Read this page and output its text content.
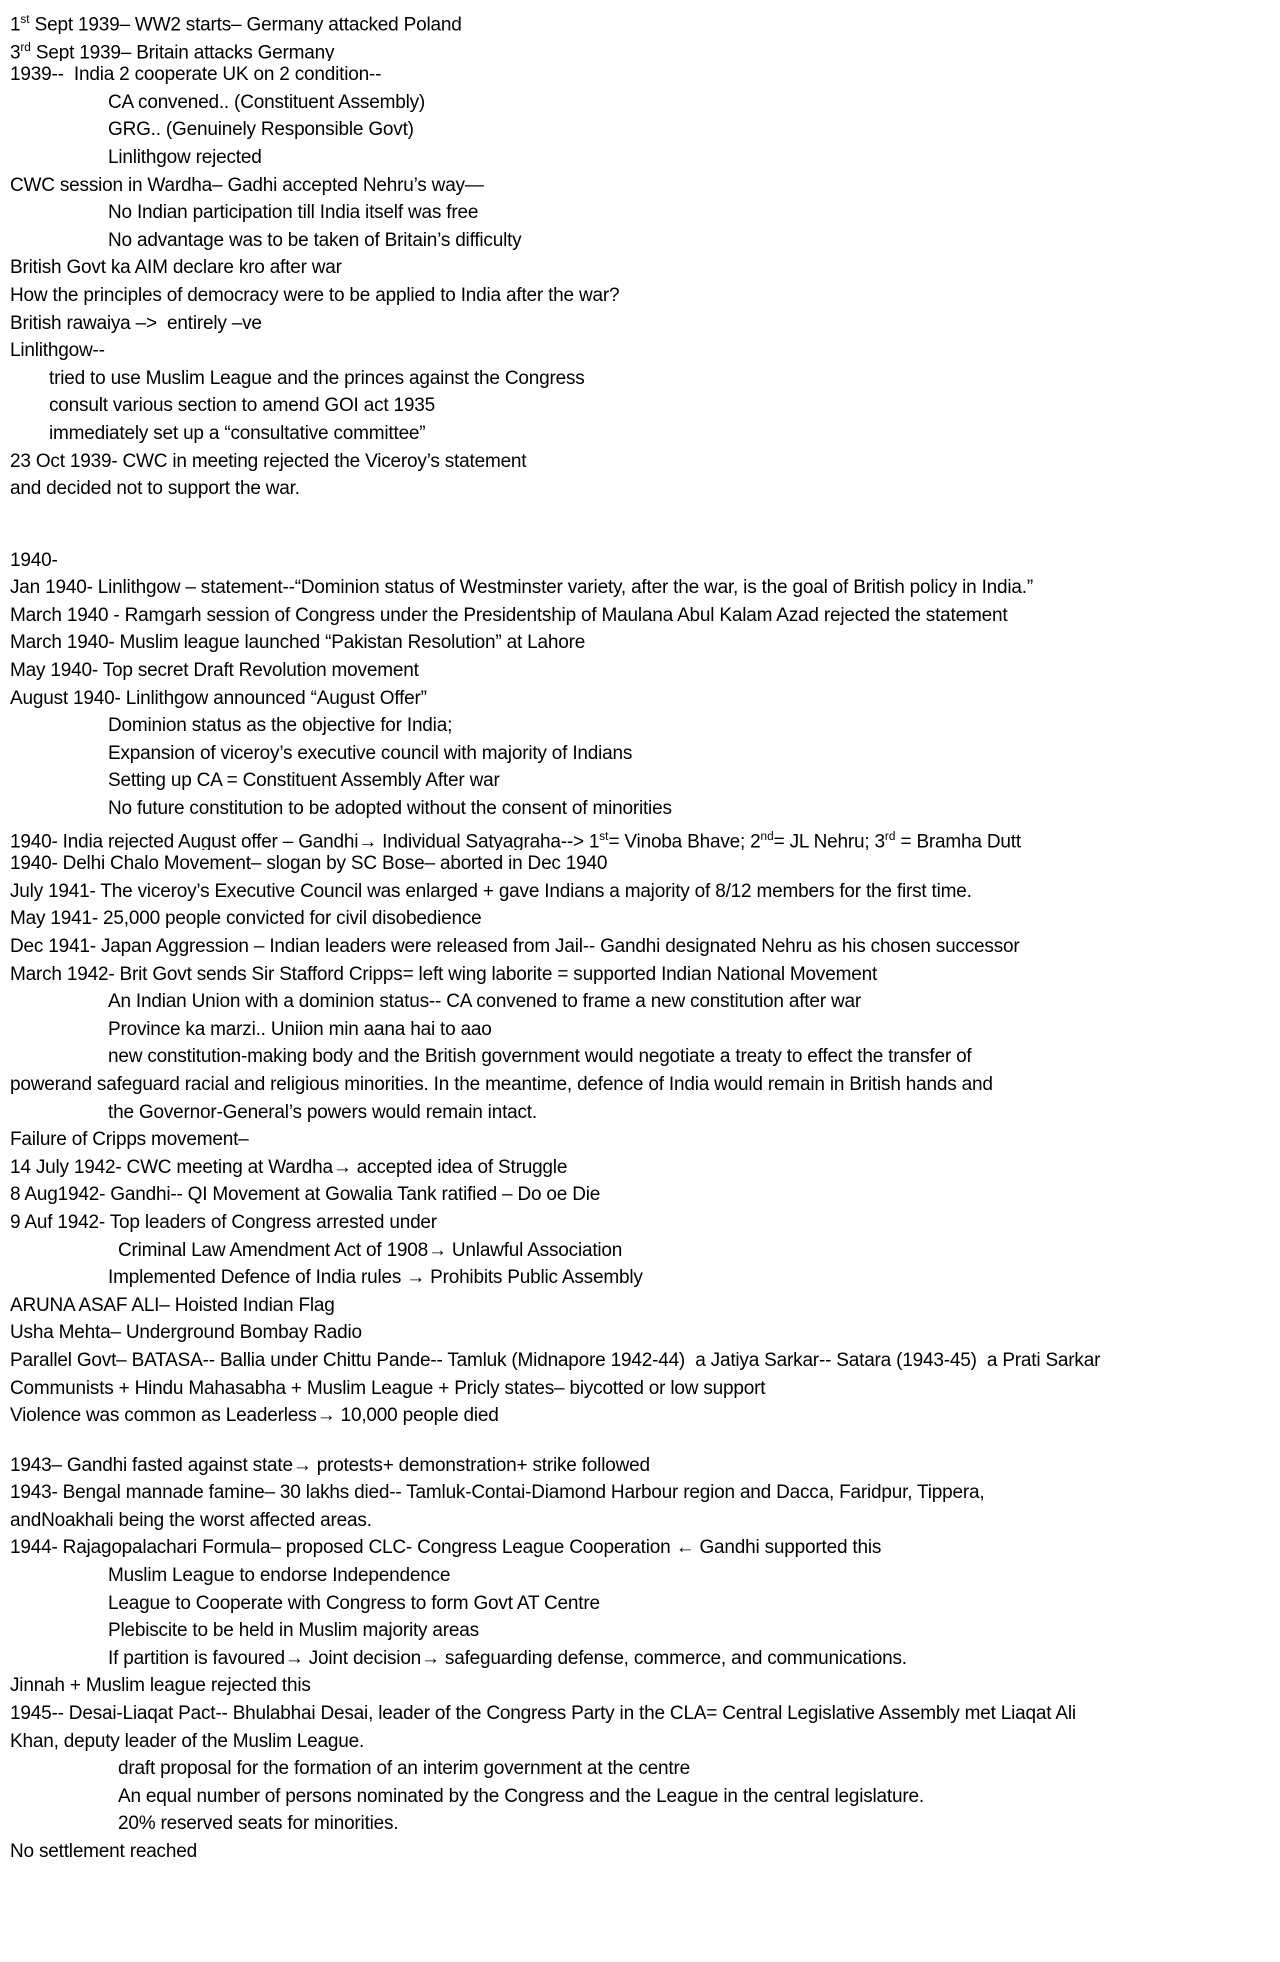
1st Sept 1939– WW2 starts– Germany attacked Poland
3rd Sept 1939– Britain attacks Germany
1939--  India 2 cooperate UK on 2 condition--
CA convened.. (Constituent Assembly)
GRG.. (Genuinely Responsible Govt)
Linlithgow rejected
CWC session in Wardha– Gadhi accepted Nehru’s way—
No Indian participation till India itself was free
No advantage was to be taken of Britain’s difficulty
British Govt ka AIM declare kro after war
How the principles of democracy were to be applied to India after the war?
British rawaiya –>  entirely –ve
Linlithgow--
tried to use Muslim League and the princes against the Congress
consult various section to amend GOI act 1935
immediately set up a “consultative committee”
23 Oct 1939- CWC in meeting rejected the Viceroy’s statement
and decided not to support the war.
1940-
Jan 1940- Linlithgow – statement--“Dominion status of Westminster variety, after the war, is the goal of British policy in India.”
March 1940 - Ramgarh session of Congress under the Presidentship of Maulana Abul Kalam Azad rejected the statement
March 1940- Muslim league launched “Pakistan Resolution” at Lahore
May 1940- Top secret Draft Revolution movement
August 1940- Linlithgow announced “August Offer”
Dominion status as the objective for India;
Expansion of viceroy’s executive council with majority of Indians
Setting up CA = Constituent Assembly After war
No future constitution to be adopted without the consent of minorities
1940- India rejected August offer – Gandhi→ Individual Satyagraha--> 1st= Vinoba Bhave; 2nd= JL Nehru; 3rd = Bramha Dutt
1940- Delhi Chalo Movement– slogan by SC Bose– aborted in Dec 1940
July 1941- The viceroy’s Executive Council was enlarged + gave Indians a majority of 8/12 members for the first time.
May 1941- 25,000 people convicted for civil disobedience
Dec 1941- Japan Aggression – Indian leaders were released from Jail-- Gandhi designated Nehru as his chosen successor
March 1942- Brit Govt sends Sir Stafford Cripps= left wing laborite = supported Indian National Movement
An Indian Union with a dominion status-- CA convened to frame a new constitution after war
Province ka marzi.. Uniion min aana hai to aao
new constitution-making body and the British government would negotiate a treaty to effect the transfer of
powerand safeguard racial and religious minorities. In the meantime, defence of India would remain in British hands and
the Governor-General’s powers would remain intact.
Failure of Cripps movement–
14 July 1942- CWC meeting at Wardha→ accepted idea of Struggle
8 Aug1942- Gandhi-- QI Movement at Gowalia Tank ratified – Do oe Die
9 Auf 1942- Top leaders of Congress arrested under
Criminal Law Amendment Act of 1908→ Unlawful Association
Implemented Defence of India rules → Prohibits Public Assembly
ARUNA ASAF ALI– Hoisted Indian Flag
Usha Mehta– Underground Bombay Radio
Parallel Govt– BATASA-- Ballia under Chittu Pande-- Tamluk (Midnapore 1942-44)  a Jatiya Sarkar-- Satara (1943-45)  a Prati Sarkar
Communists + Hindu Mahasabha + Muslim League + Pricly states– biycotted or low support
Violence was common as Leaderless→ 10,000 people died
1943– Gandhi fasted against state→ protests+ demonstration+ strike followed
1943- Bengal mannade famine– 30 lakhs died-- Tamluk-Contai-Diamond Harbour region and Dacca, Faridpur, Tippera,
andNoakhali being the worst affected areas.
1944- Rajagopalachari Formula– proposed CLC- Congress League Cooperation ← Gandhi supported this
Muslim League to endorse Independence
League to Cooperate with Congress to form Govt AT Centre
Plebiscite to be held in Muslim majority areas
If partition is favoured→ Joint decision→ safeguarding defense, commerce, and communications.
Jinnah + Muslim league rejected this
1945-- Desai-Liaqat Pact-- Bhulabhai Desai, leader of the Congress Party in the CLA= Central Legislative Assembly met Liaqat Ali
Khan, deputy leader of the Muslim League.
draft proposal for the formation of an interim government at the centre
An equal number of persons nominated by the Congress and the League in the central legislature.
20% reserved seats for minorities.
No settlement reached
